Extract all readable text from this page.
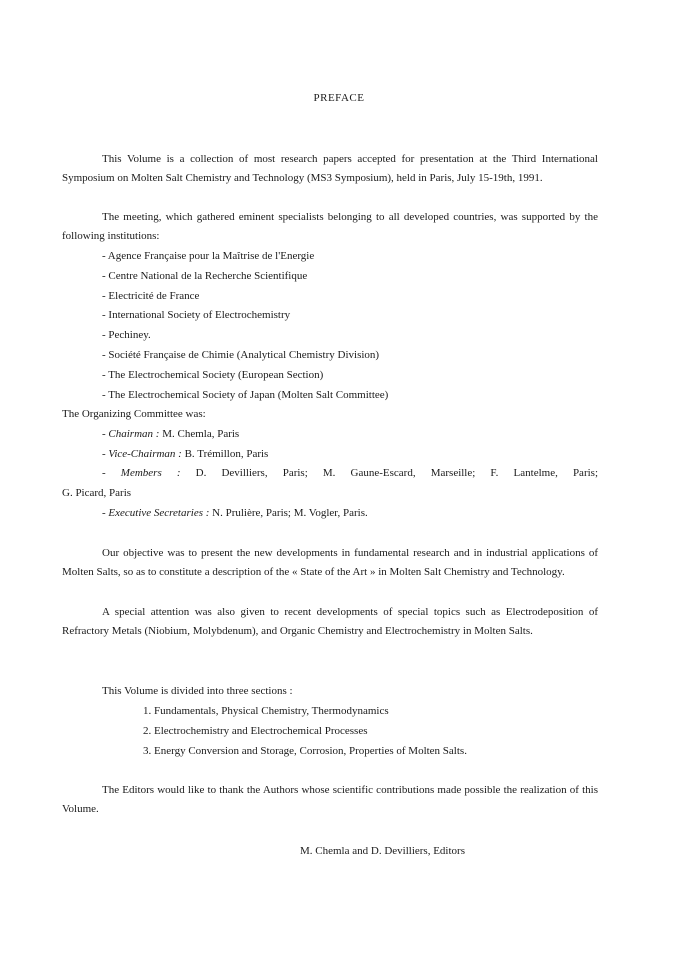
PREFACE
This Volume is a collection of most research papers accepted for presentation at the Third International Symposium on Molten Salt Chemistry and Technology (MS3 Symposium), held in Paris, July 15-19th, 1991.
The meeting, which gathered eminent specialists belonging to all developed countries, was supported by the following institutions:
- Agence Française pour la Maîtrise de l'Energie
- Centre National de la Recherche Scientifique
- Electricité de France
- International Society of Electrochemistry
- Pechiney.
- Société Française de Chimie (Analytical Chemistry Division)
- The Electrochemical Society (European Section)
- The Electrochemical Society of Japan (Molten Salt Committee)
The Organizing Committee was:
- Chairman : M. Chemla, Paris
- Vice-Chairman : B. Trémillon, Paris
- Members : D. Devilliers, Paris; M. Gaune-Escard, Marseille; F. Lantelme, Paris;
G. Picard, Paris
- Executive Secretaries : N. Prulière, Paris; M. Vogler, Paris.
Our objective was to present the new developments in fundamental research and in industrial applications of Molten Salts, so as to constitute a description of the « State of the Art » in Molten Salt Chemistry and Technology.
A special attention was also given to recent developments of special topics such as Electrodeposition of Refractory Metals (Niobium, Molybdenum), and Organic Chemistry and Electrochemistry in Molten Salts.
This Volume is divided into three sections :
1. Fundamentals, Physical Chemistry, Thermodynamics
2. Electrochemistry and Electrochemical Processes
3. Energy Conversion and Storage, Corrosion, Properties of Molten Salts.
The Editors would like to thank the Authors whose scientific contributions made possible the realization of this Volume.
M. Chemla and D. Devilliers, Editors
